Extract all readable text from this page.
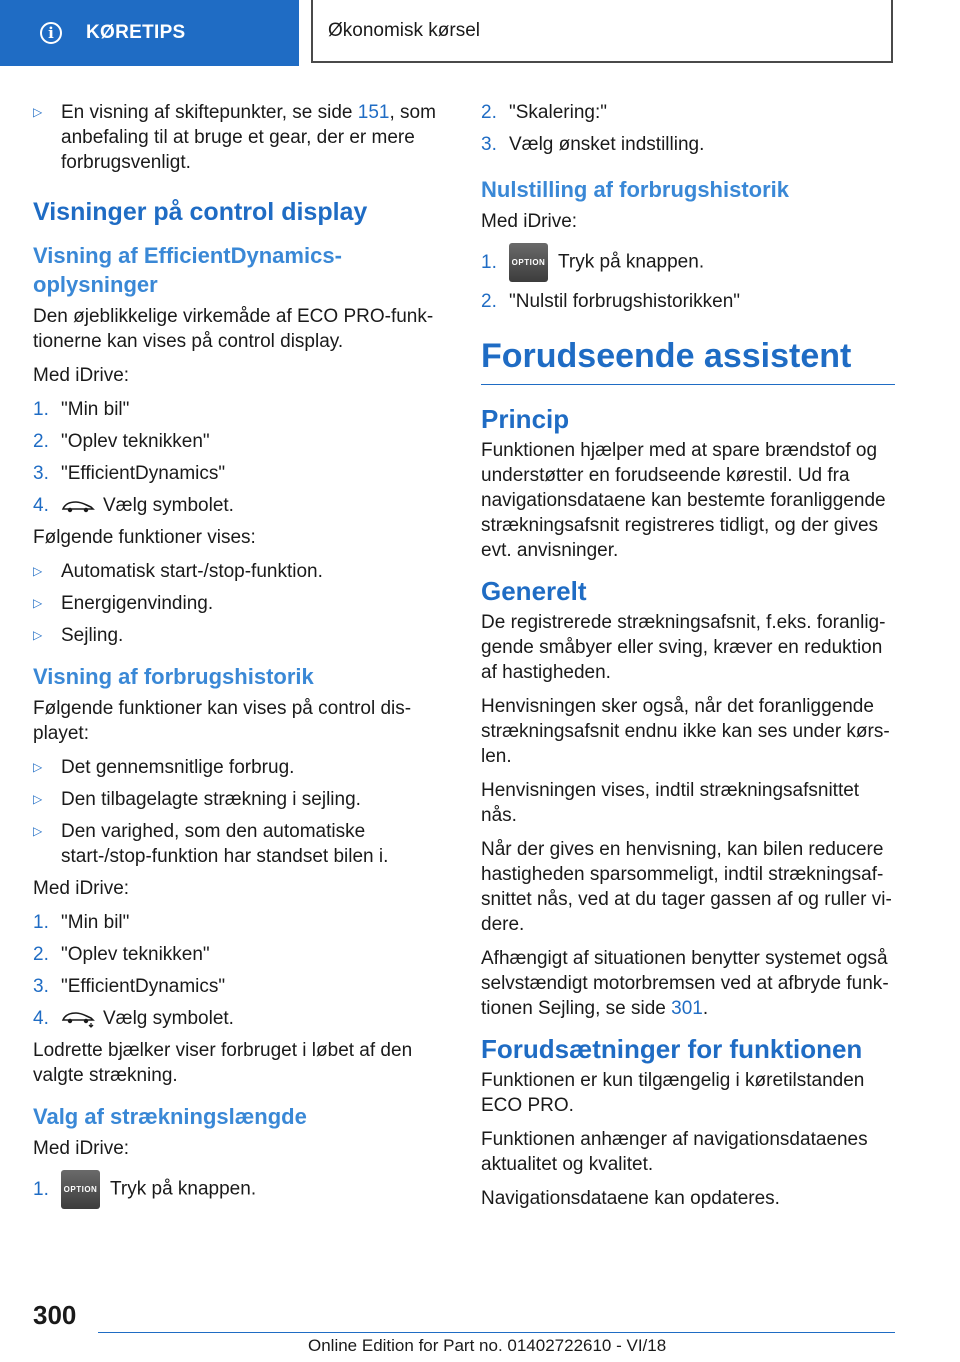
i	KØRETIPS	Økonomisk kørsel
▷ En visning af skiftepunkter, se side 151, som anbefaling til at bruge et gear, der er mere forbrugsvenligt.
Visninger på control display
Visning af EfficientDynamics-oplysninger

Den øjeblikkelige virkemåde af ECO PRO-funktionerne kan vises på control display.

Med iDrive:

1. "Min bil"
2. "Oplev teknikken"
3. "EfficientDynamics"
4.	Vælg symbolet.

Følgende funktioner vises:

▷ Automatisk start-/stop-funktion.
▷ Energigenvinding.
▷ Sejling.
Visning af forbrugshistorik

Følgende funktioner kan vises på control displayet:

▷ Det gennemsnitlige forbrug.
▷ Den tilbagelagte strækning i sejling.
▷ Den varighed, som den automatiske start-/stop-funktion har standset bilen i.

Med iDrive:

1. "Min bil"
2. "Oplev teknikken"
3. "EfficientDynamics"
4.	Vælg symbolet.

Lodrette bjælker viser forbruget i løbet af den valgte strækning.

Valg af strækningslængde

Med iDrive:

1.	OPTION Tryk på knappen.
2. "Skalering:"
3. Vælg ønsket indstilling.
Nulstilling af forbrugshistorik

Med iDrive:

1.	OPTION Tryk på knappen.
2. "Nulstil forbrugshistorikken"
Forudseende assistent
Princip

Funktionen hjælper med at spare brændstof og understøtter en forudseende kørestil. Ud fra navigationsdataene kan bestemte foranliggende strækningsafsnit registreres tidligt, og der gives evt. anvisninger.

Generelt

De registrerede strækningsafsnit, f.eks. foranliggende småbyer eller sving, kræver en reduktion af hastigheden.

Henvisningen sker også, når det foranliggende strækningsafsnit endnu ikke kan ses under kørslen.

Henvisningen vises, indtil strækningsafsnittet nås.

Når der gives en henvisning, kan bilen reducere hastigheden sparsommeligt, indtil strækningsafsnittet nås, ved at du tager gassen af og ruller videre.

Afhængigt af situationen benytter systemet også selvstændigt motorbremsen ved at afbryde funktionen Sejling, se side 301.

Forudsætninger for funktionen

Funktionen er kun tilgængelig i køretilstanden ECO PRO.

Funktionen anhænger af navigationsdataenes aktualitet og kvalitet.

Navigationsdataene kan opdateres.

300
Online Edition for Part no. 01402722610 - VI/18
